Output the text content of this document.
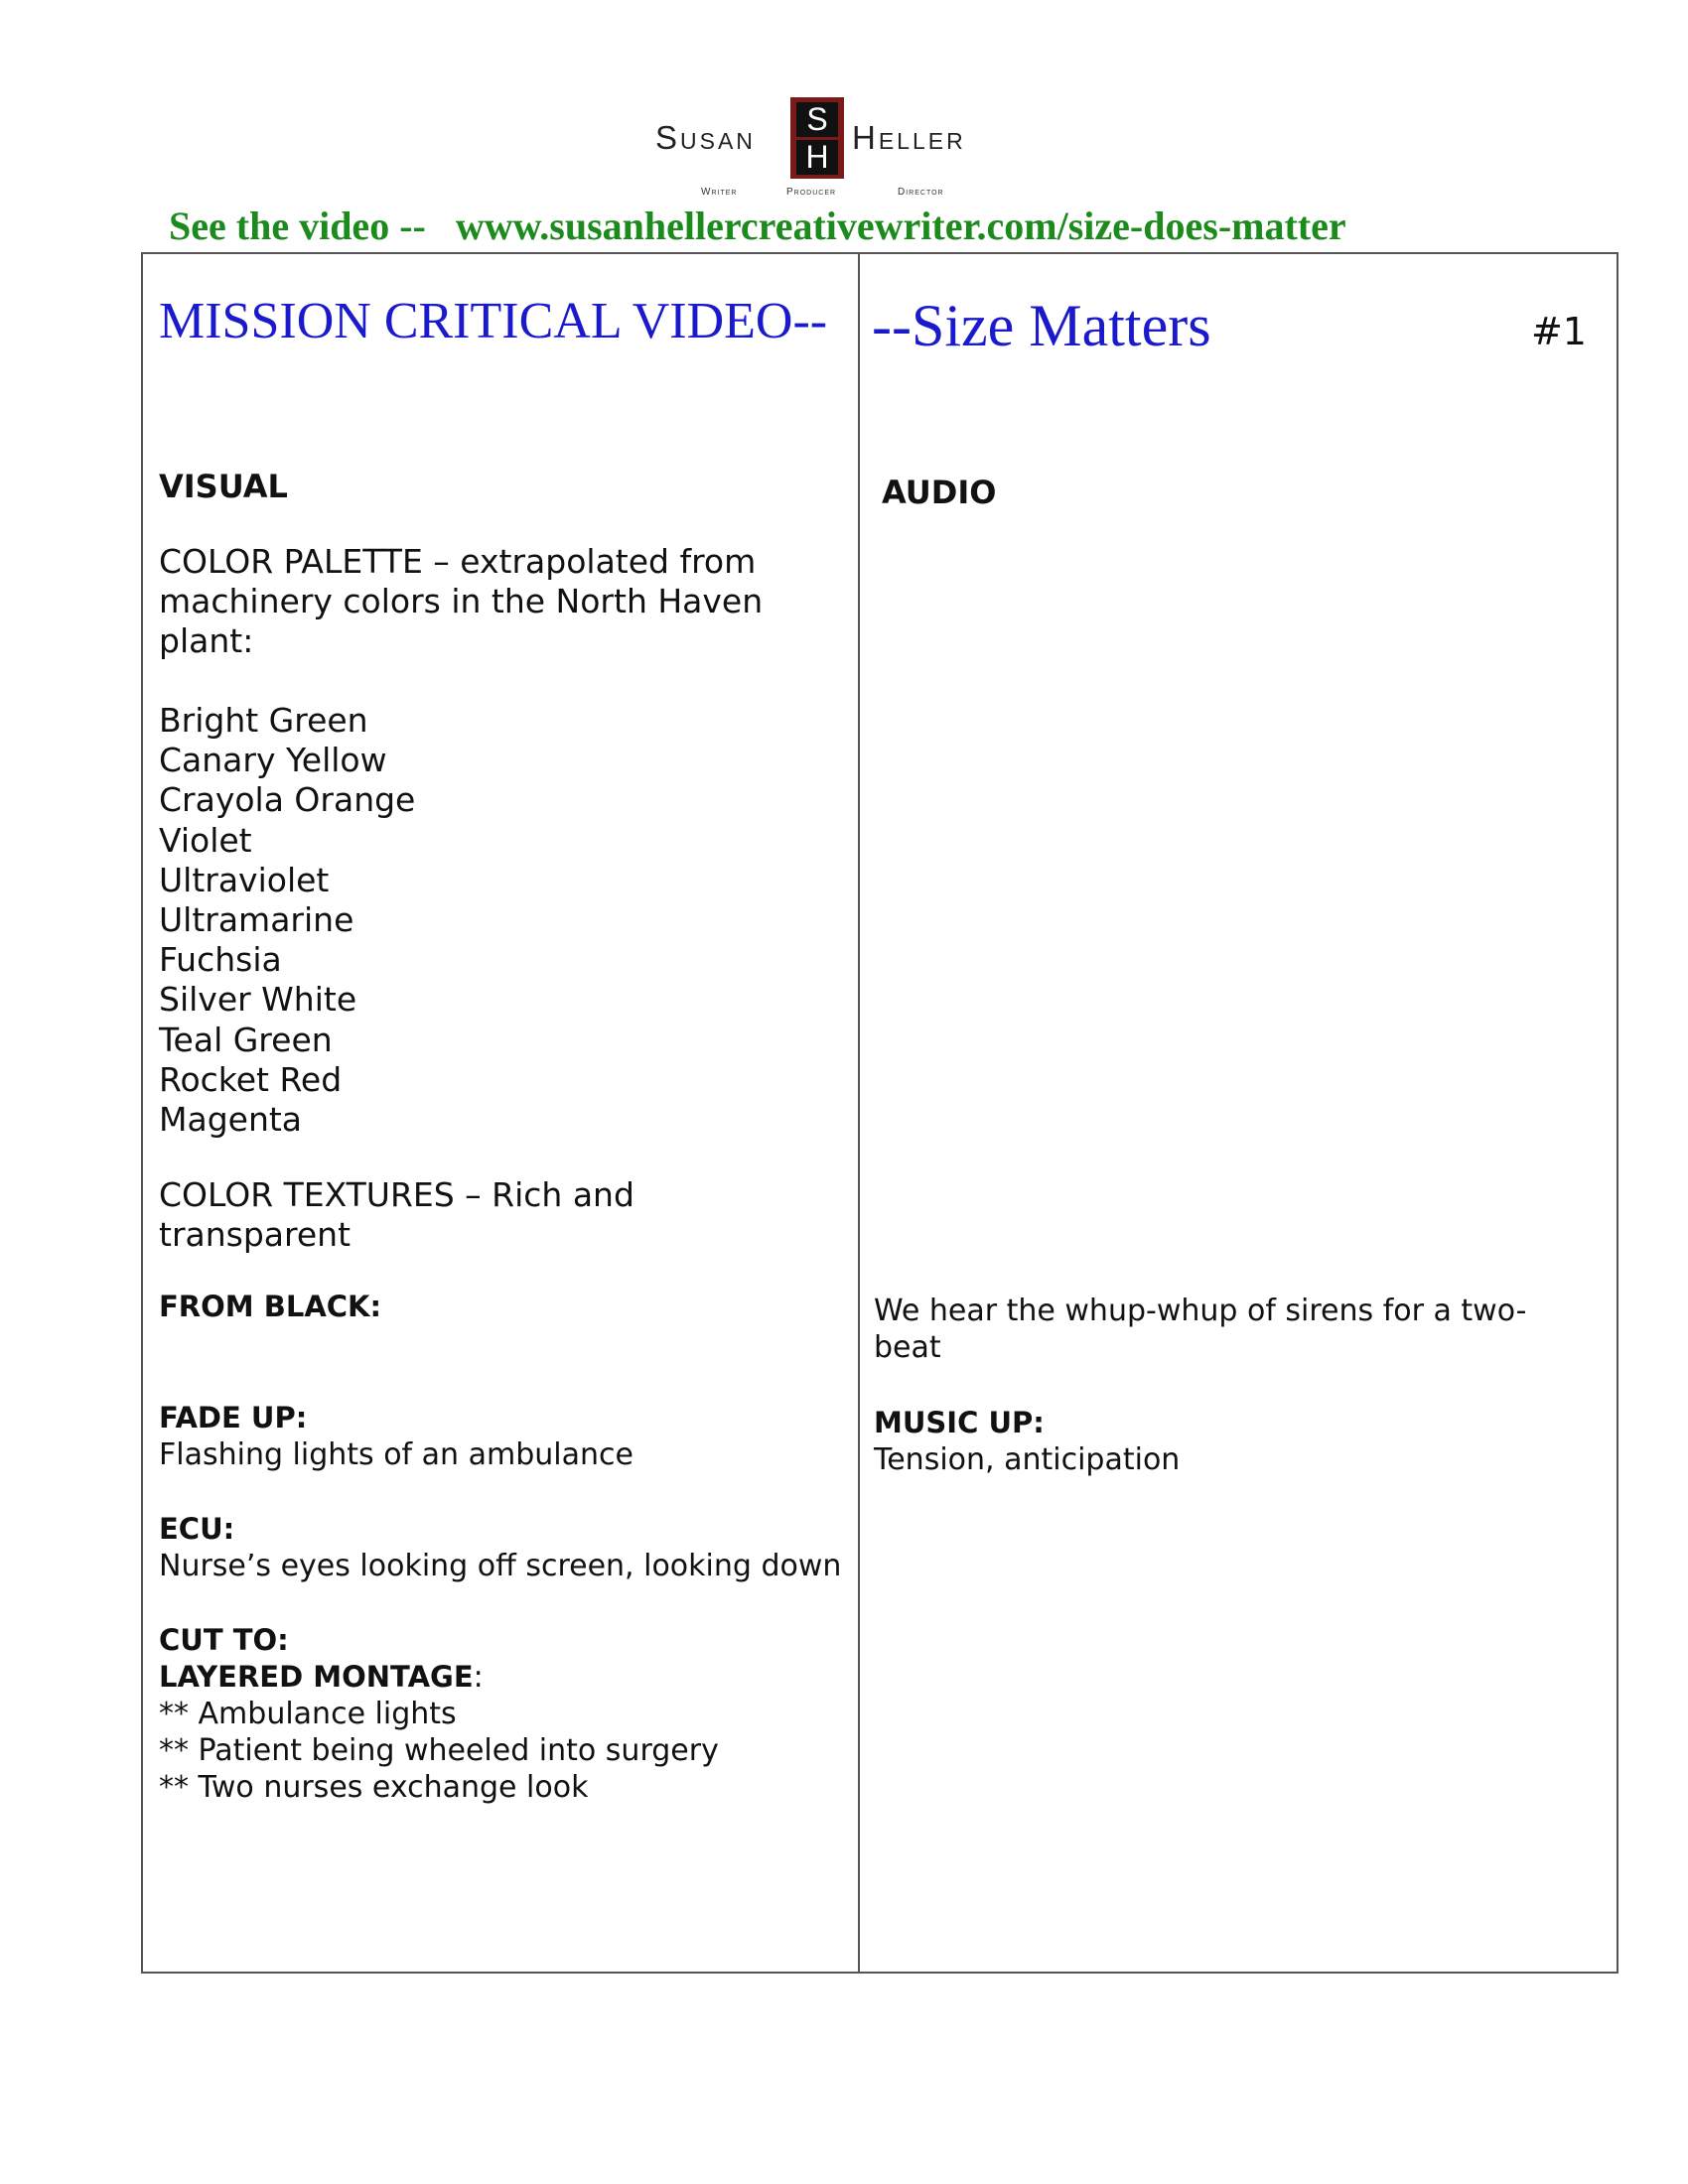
Susan	S
H
Heller
Writer	Producer	Director
See the video -- www.susanhellercreativewriter.com/size-does-matter
MISSION CRITICAL VIDEO--
VISUAL
COLOR PALETTE – extrapolated from machinery colors in the North Haven plant:
Bright Green
Canary Yellow
Crayola Orange
Violet
Ultraviolet
Ultramarine
Fuchsia
Silver White
Teal Green
Rocket Red
Magenta
COLOR TEXTURES – Rich and transparent
FROM BLACK:
FADE UP:
Flashing lights of an ambulance
ECU:
Nurse’s eyes looking off screen, looking down
CUT TO:
LAYERED MONTAGE:
** Ambulance lights
** Patient being wheeled into surgery
** Two nurses exchange look
--Size Matters	#1
AUDIO
We hear the whup-whup of sirens for a two-beat
MUSIC UP:
Tension, anticipation
